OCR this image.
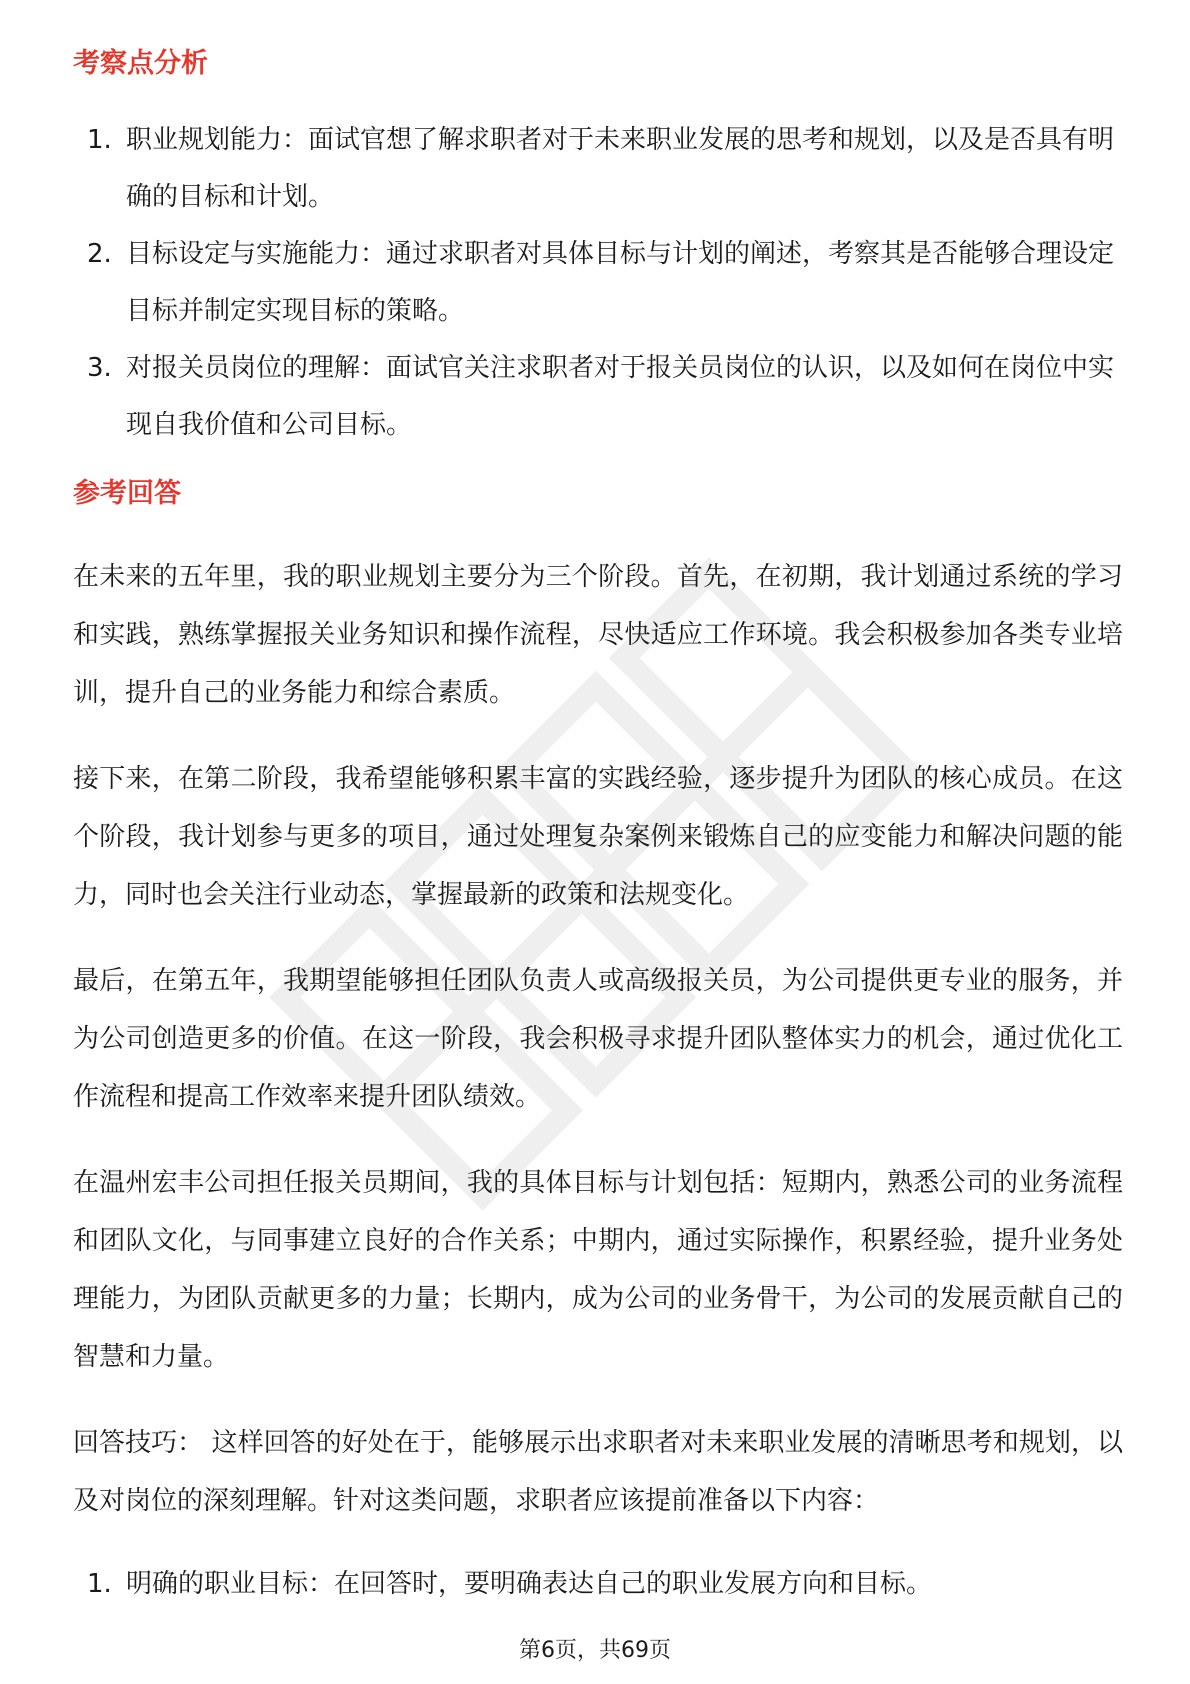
考察点分析
1. 职业规划能力：面试官想了解求职者对于未来职业发展的思考和规划，以及是否具有明确的目标和计划。
2. 目标设定与实施能力：通过求职者对具体目标与计划的阐述，考察其是否能够合理设定目标并制定实现目标的策略。
3. 对报关员岗位的理解：面试官关注求职者对于报关员岗位的认识，以及如何在岗位中实现自我价值和公司目标。
参考回答

在未来的五年里，我的职业规划主要分为三个阶段。首先，在初期，我计划通过系统的学习和实践，熟练掌握报关业务知识和操作流程，尽快适应工作环境。我会积极参加各类专业培训，提升自己的业务能力和综合素质。

接下来，在第二阶段，我希望能够积累丰富的实践经验，逐步提升为团队的核心成员。在这个阶段，我计划参与更多的项目，通过处理复杂案例来锻炼自己的应变能力和解决问题的能力，同时也会关注行业动态，掌握最新的政策和法规变化。

最后，在第五年，我期望能够担任团队负责人或高级报关员，为公司提供更专业的服务，并为公司创造更多的价值。在这一阶段，我会积极寻求提升团队整体实力的机会，通过优化工作流程和提高工作效率来提升团队绩效。

在温州宏丰公司担任报关员期间，我的具体目标与计划包括：短期内，熟悉公司的业务流程和团队文化，与同事建立良好的合作关系；中期内，通过实际操作，积累经验，提升业务处理能力，为团队贡献更多的力量；长期内，成为公司的业务骨干，为公司的发展贡献自己的智慧和力量。

回答技巧： 这样回答的好处在于，能够展示出求职者对未来职业发展的清晰思考和规划，以及对岗位的深刻理解。针对这类问题，求职者应该提前准备以下内容：

1. 明确的职业目标：在回答时，要明确表达自己的职业发展方向和目标。
第6页，共69页
